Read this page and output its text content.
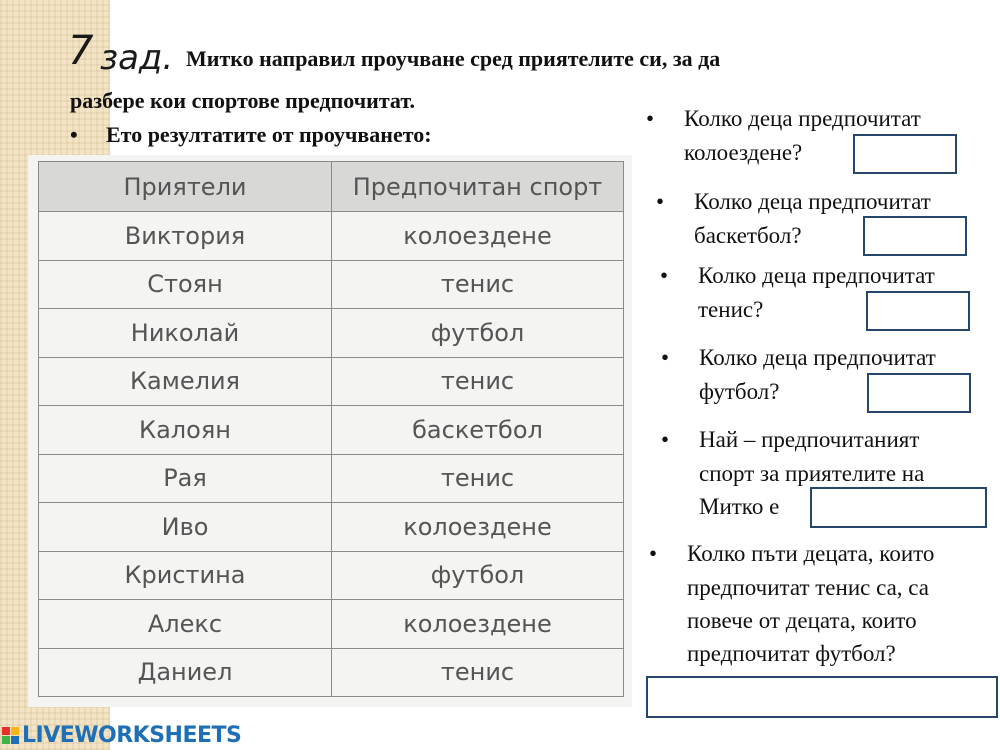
7 зад .	Митко направил проучване сред приятелите си, за да
разбере кои спортове предпочитат.
• Ето резултатите от проучването:
Приятели	Предпочитан спорт
Виктория	колоездене
Стоян	тенис
Николай	футбол
Камелия	тенис
Калоян	баскетбол
Рая	тенис
Иво	колоездене
Кристина	футбол
Алекс	колоездене
Даниел	тенис
• Колко деца предпочитат
колоездене?
• Колко деца предпочитат
баскетбол?
• Колко деца предпочитат
тенис?
• Колко деца предпочитат
футбол?
• Най – предпочитаният
спорт за приятелите на
Митко е
• Колко пъти децата, които
предпочитат тенис са, са
повече от децата, които
предпочитат футбол?
LIVEWORKSHEETS
